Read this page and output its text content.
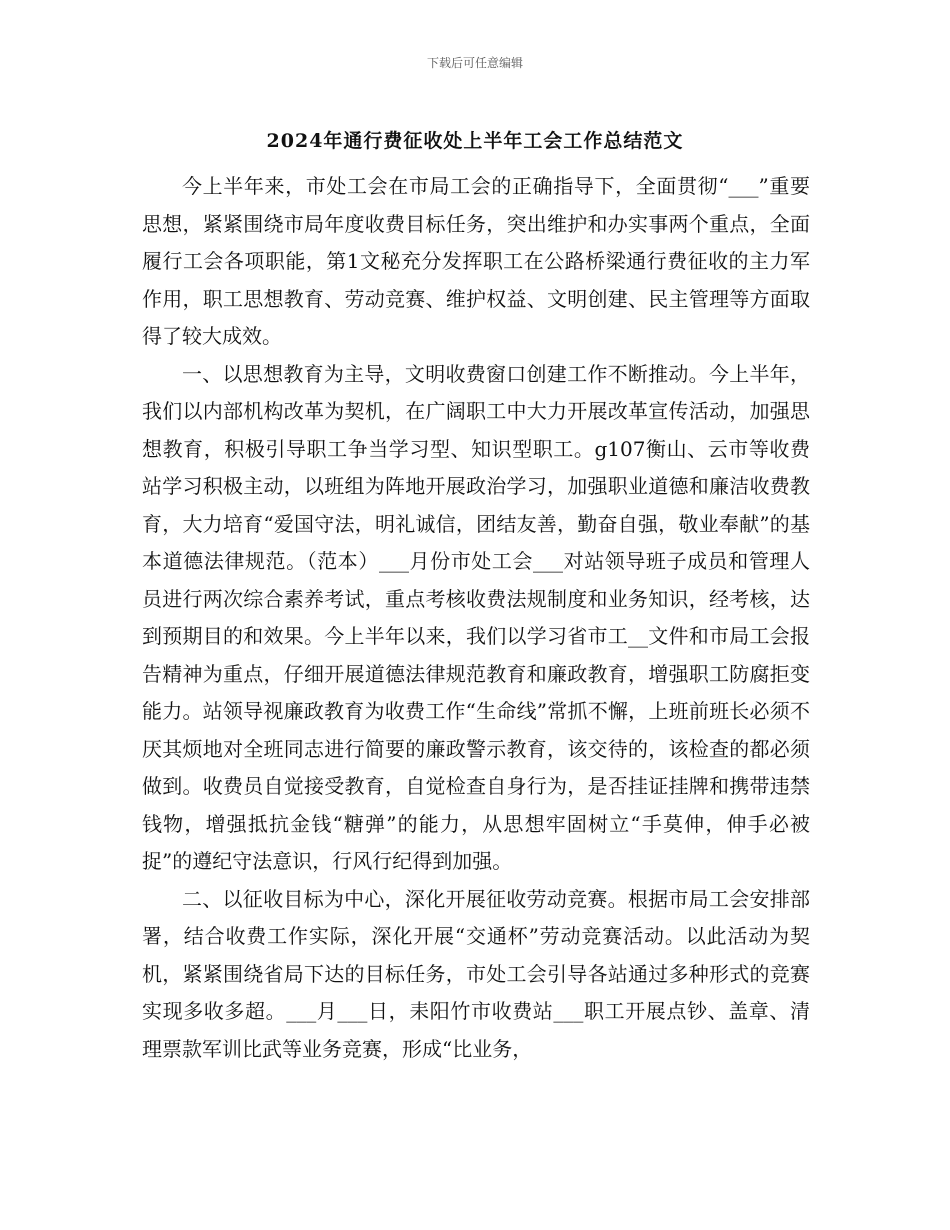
下载后可任意编辑
2024年通行费征收处上半年工会工作总结范文

今上半年来，市处工会在市局工会的正确指导下，全面贯彻“___”重要思想，紧紧围绕市局年度收费目标任务，突出维护和办实事两个重点，全面履行工会各项职能，第1文秘充分发挥职工在公路桥梁通行费征收的主力军作用，职工思想教育、劳动竞赛、维护权益、文明创建、民主管理等方面取得了较大成效。

一、以思想教育为主导，文明收费窗口创建工作不断推动。今上半年，我们以内部机构改革为契机，在广阔职工中大力开展改革宣传活动，加强思想教育，积极引导职工争当学习型、知识型职工。g107衡山、云市等收费站学习积极主动，以班组为阵地开展政治学习，加强职业道德和廉洁收费教育，大力培育“爱国守法，明礼诚信，团结友善，勤奋自强，敬业奉献”的基本道德法律规范。（范本）___月份市处工会___对站领导班子成员和管理人员进行两次综合素养考试，重点考核收费法规制度和业务知识，经考核，达到预期目的和效果。今上半年以来，我们以学习省市工__文件和市局工会报告精神为重点，仔细开展道德法律规范教育和廉政教育，增强职工防腐拒变能力。站领导视廉政教育为收费工作“生命线”常抓不懈，上班前班长必须不厌其烦地对全班同志进行简要的廉政警示教育，该交待的，该检查的都必须做到。收费员自觉接受教育，自觉检查自身行为，是否挂证挂牌和携带违禁钱物，增强抵抗金钱“糖弹”的能力，从思想牢固树立“手莫伸，伸手必被捉”的遵纪守法意识，行风行纪得到加强。

二、以征收目标为中心，深化开展征收劳动竞赛。根据市局工会安排部署，结合收费工作实际，深化开展“交通杯”劳动竞赛活动。以此活动为契机，紧紧围绕省局下达的目标任务，市处工会引导各站通过多种形式的竞赛实现多收多超。___月___日，耒阳竹市收费站___职工开展点钞、盖章、清理票款军训比武等业务竞赛，形成“比业务，
